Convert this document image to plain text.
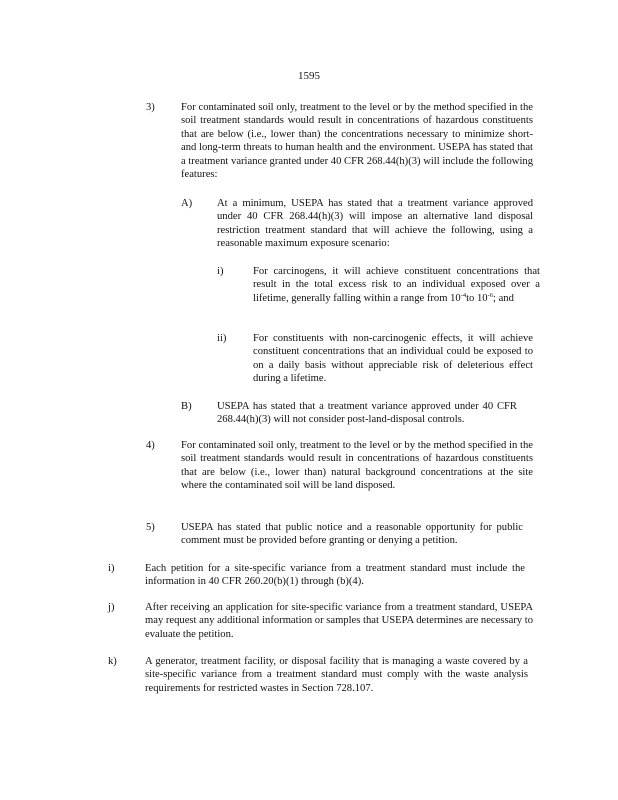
1595
3) For contaminated soil only, treatment to the level or by the method specified in the soil treatment standards would result in concentrations of hazardous constituents that are below (i.e., lower than) the concentrations necessary to minimize short-and long-term threats to human health and the environment. USEPA has stated that a treatment variance granted under 40 CFR 268.44(h)(3) will include the following features:
A) At a minimum, USEPA has stated that a treatment variance approved under 40 CFR 268.44(h)(3) will impose an alternative land disposal restriction treatment standard that will achieve the following, using a reasonable maximum exposure scenario:
i)	For carcinogens, it will achieve constituent concentrations that result in the total excess risk to an individual exposed over a lifetime, generally falling within a range from $10^{-4}to$ $10^{-6}$; and
ii)	For constituents with non-carcinogenic effects, it will achieve constituent concentrations that an individual could be exposed to on a daily basis without appreciable risk of deleterious effect during a lifetime.
B) USEPA has stated that a treatment variance approved under 40 CFR 268.44(h)(3) will not consider post-land-disposal controls.
4) For contaminated soil only, treatment to the level or by the method specified in the soil treatment standards would result in concentrations of hazardous constituents that are below (i.e., lower than) natural background concentrations at the site where the contaminated soil will be land disposed.
5) USEPA has stated that public notice and a reasonable opportunity for public comment must be provided before granting or denying a petition.
i)	Each petition for a site-specific variance from a treatment standard must include the information in 40 CFR 260.20(b)(1) through (b)(4).
j)	After receiving an application for site-specific variance from a treatment standard, USEPA may request any additional information or samples that USEPA determines are necessary to evaluate the petition.
k)	A generator, treatment facility, or disposal facility that is managing a waste covered by a site-specific variance from a treatment standard must comply with the waste analysis requirements for restricted wastes in Section 728.107.
